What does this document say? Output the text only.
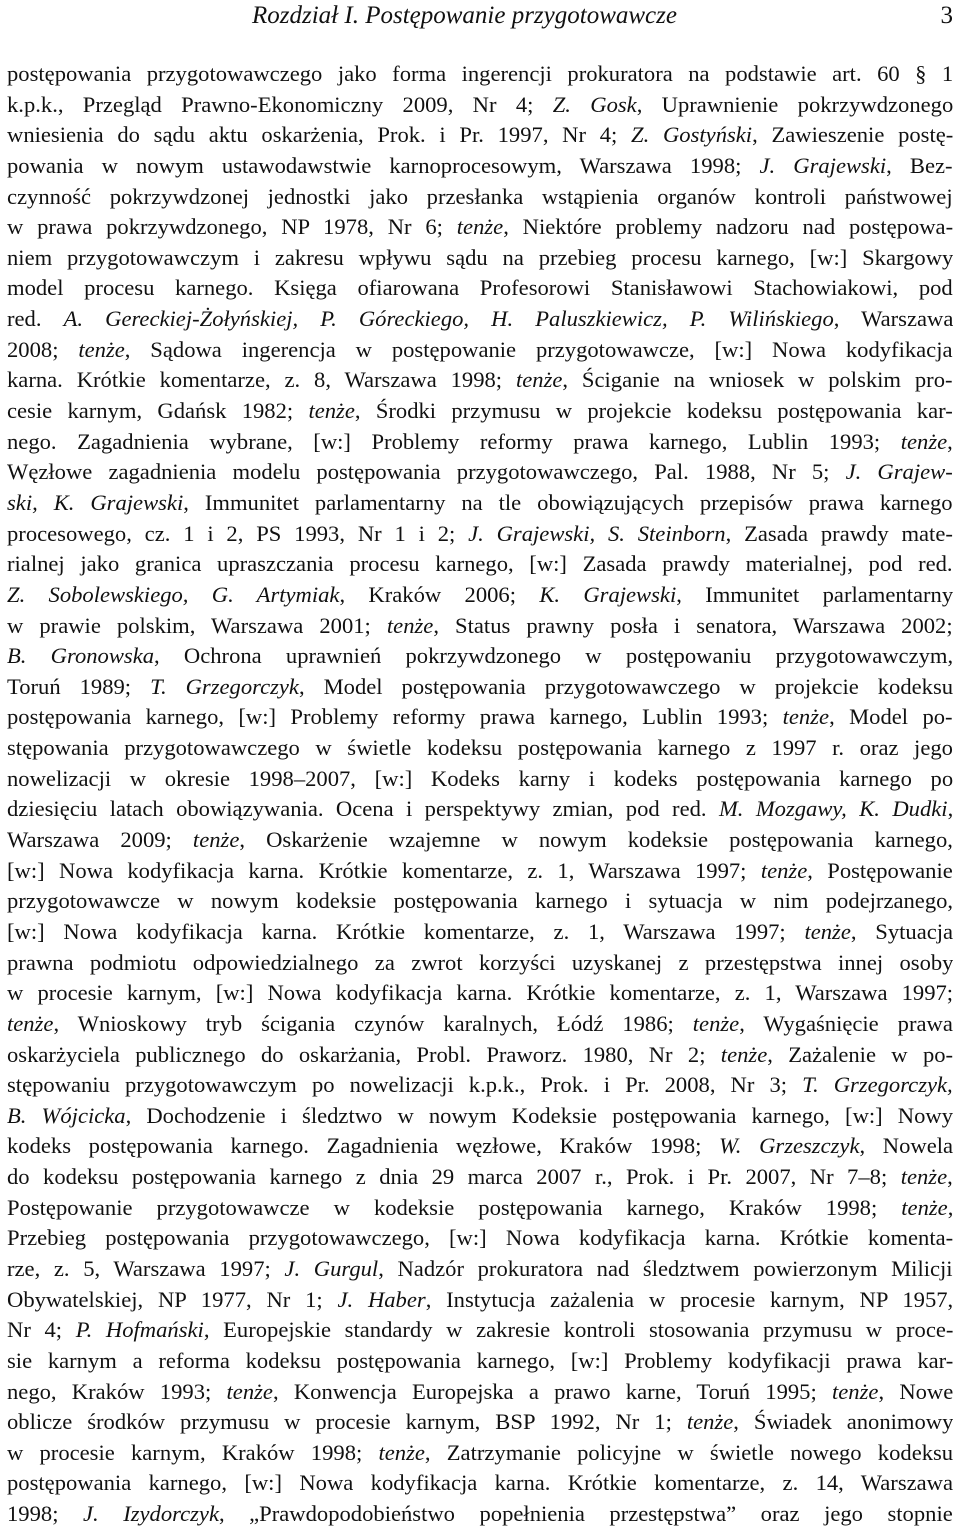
Rozdział I. Postępowanie przygotowawcze	3
postępowania przygotowawczego jako forma ingerencji prokuratora na podstawie art. 60 § 1
k.p.k., Przegląd Prawno-Ekonomiczny 2009, Nr 4; Z. Gosk, Uprawnienie pokrzywdzonego
wniesienia do sądu aktu oskarżenia, Prok. i Pr. 1997, Nr 4; Z. Gostyński, Zawieszenie postę-
powania w nowym ustawodawstwie karnoprocesowym, Warszawa 1998; J. Grajewski, Bez-
czynność pokrzywdzonej jednostki jako przesłanka wstąpienia organów kontroli państwowej
w prawa pokrzywdzonego, NP 1978, Nr 6; tenże, Niektóre problemy nadzoru nad postępowa-
niem przygotowawczym i zakresu wpływu sądu na przebieg procesu karnego, [w:] Skargowy
model procesu karnego. Księga ofiarowana Profesorowi Stanisławowi Stachowiakowi, pod
red. A. Gereckiej-Żołyńskiej, P. Góreckiego, H. Paluszkiewicz, P. Wilińskiego, Warszawa
2008; tenże, Sądowa ingerencja w postępowanie przygotowawcze, [w:] Nowa kodyfikacja
karna. Krótkie komentarze, z. 8, Warszawa 1998; tenże, Ściganie na wniosek w polskim pro-
cesie karnym, Gdańsk 1982; tenże, Środki przymusu w projekcie kodeksu postępowania kar-
nego. Zagadnienia wybrane, [w:] Problemy reformy prawa karnego, Lublin 1993; tenże,
Węzłowe zagadnienia modelu postępowania przygotowawczego, Pal. 1988, Nr 5; J. Grajew-
ski, K. Grajewski, Immunitet parlamentarny na tle obowiązujących przepisów prawa karnego
procesowego, cz. 1 i 2, PS 1993, Nr 1 i 2; J. Grajewski, S. Steinborn, Zasada prawdy mate-
rialnej jako granica upraszczania procesu karnego, [w:] Zasada prawdy materialnej, pod red.
Z. Sobolewskiego, G. Artymiak, Kraków 2006; K. Grajewski, Immunitet parlamentarny
w prawie polskim, Warszawa 2001; tenże, Status prawny posła i senatora, Warszawa 2002;
B. Gronowska, Ochrona uprawnień pokrzywdzonego w postępowaniu przygotowawczym,
Toruń 1989; T. Grzegorczyk, Model postępowania przygotowawczego w projekcie kodeksu
postępowania karnego, [w:] Problemy reformy prawa karnego, Lublin 1993; tenże, Model po-
stępowania przygotowawczego w świetle kodeksu postępowania karnego z 1997 r. oraz jego
nowelizacji w okresie 1998–2007, [w:] Kodeks karny i kodeks postępowania karnego po
dziesięciu latach obowiązywania. Ocena i perspektywy zmian, pod red. M. Mozgawy, K. Dudki,
Warszawa 2009; tenże, Oskarżenie wzajemne w nowym kodeksie postępowania karnego,
[w:] Nowa kodyfikacja karna. Krótkie komentarze, z. 1, Warszawa 1997; tenże, Postępowanie
przygotowawcze w nowym kodeksie postępowania karnego i sytuacja w nim podejrzanego,
[w:] Nowa kodyfikacja karna. Krótkie komentarze, z. 1, Warszawa 1997; tenże, Sytuacja
prawna podmiotu odpowiedzialnego za zwrot korzyści uzyskanej z przestępstwa innej osoby
w procesie karnym, [w:] Nowa kodyfikacja karna. Krótkie komentarze, z. 1, Warszawa 1997;
tenże, Wnioskowy tryb ścigania czynów karalnych, Łódź 1986; tenże, Wygaśnięcie prawa
oskarżyciela publicznego do oskarżania, Probl. Praworz. 1980, Nr 2; tenże, Zażalenie w po-
stępowaniu przygotowawczym po nowelizacji k.p.k., Prok. i Pr. 2008, Nr 3; T. Grzegorczyk,
B. Wójcicka, Dochodzenie i śledztwo w nowym Kodeksie postępowania karnego, [w:] Nowy
kodeks postępowania karnego. Zagadnienia węzłowe, Kraków 1998; W. Grzeszczyk, Nowela
do kodeksu postępowania karnego z dnia 29 marca 2007 r., Prok. i Pr. 2007, Nr 7–8; tenże,
Postępowanie przygotowawcze w kodeksie postępowania karnego, Kraków 1998; tenże,
Przebieg postępowania przygotowawczego, [w:] Nowa kodyfikacja karna. Krótkie komenta-
rze, z. 5, Warszawa 1997; J. Gurgul, Nadzór prokuratora nad śledztwem powierzonym Milicji
Obywatelskiej, NP 1977, Nr 1; J. Haber, Instytucja zażalenia w procesie karnym, NP 1957,
Nr 4; P. Hofmański, Europejskie standardy w zakresie kontroli stosowania przymusu w proce-
sie karnym a reforma kodeksu postępowania karnego, [w:] Problemy kodyfikacji prawa kar-
nego, Kraków 1993; tenże, Konwencja Europejska a prawo karne, Toruń 1995; tenże, Nowe
oblicze środków przymusu w procesie karnym, BSP 1992, Nr 1; tenże, Świadek anonimowy
w procesie karnym, Kraków 1998; tenże, Zatrzymanie policyjne w świetle nowego kodeksu
postępowania karnego, [w:] Nowa kodyfikacja karna. Krótkie komentarze, z. 14, Warszawa
1998; J. Izydorczyk, „Prawdopodobieństwo popełnienia przestępstwa” oraz jego stopnie
